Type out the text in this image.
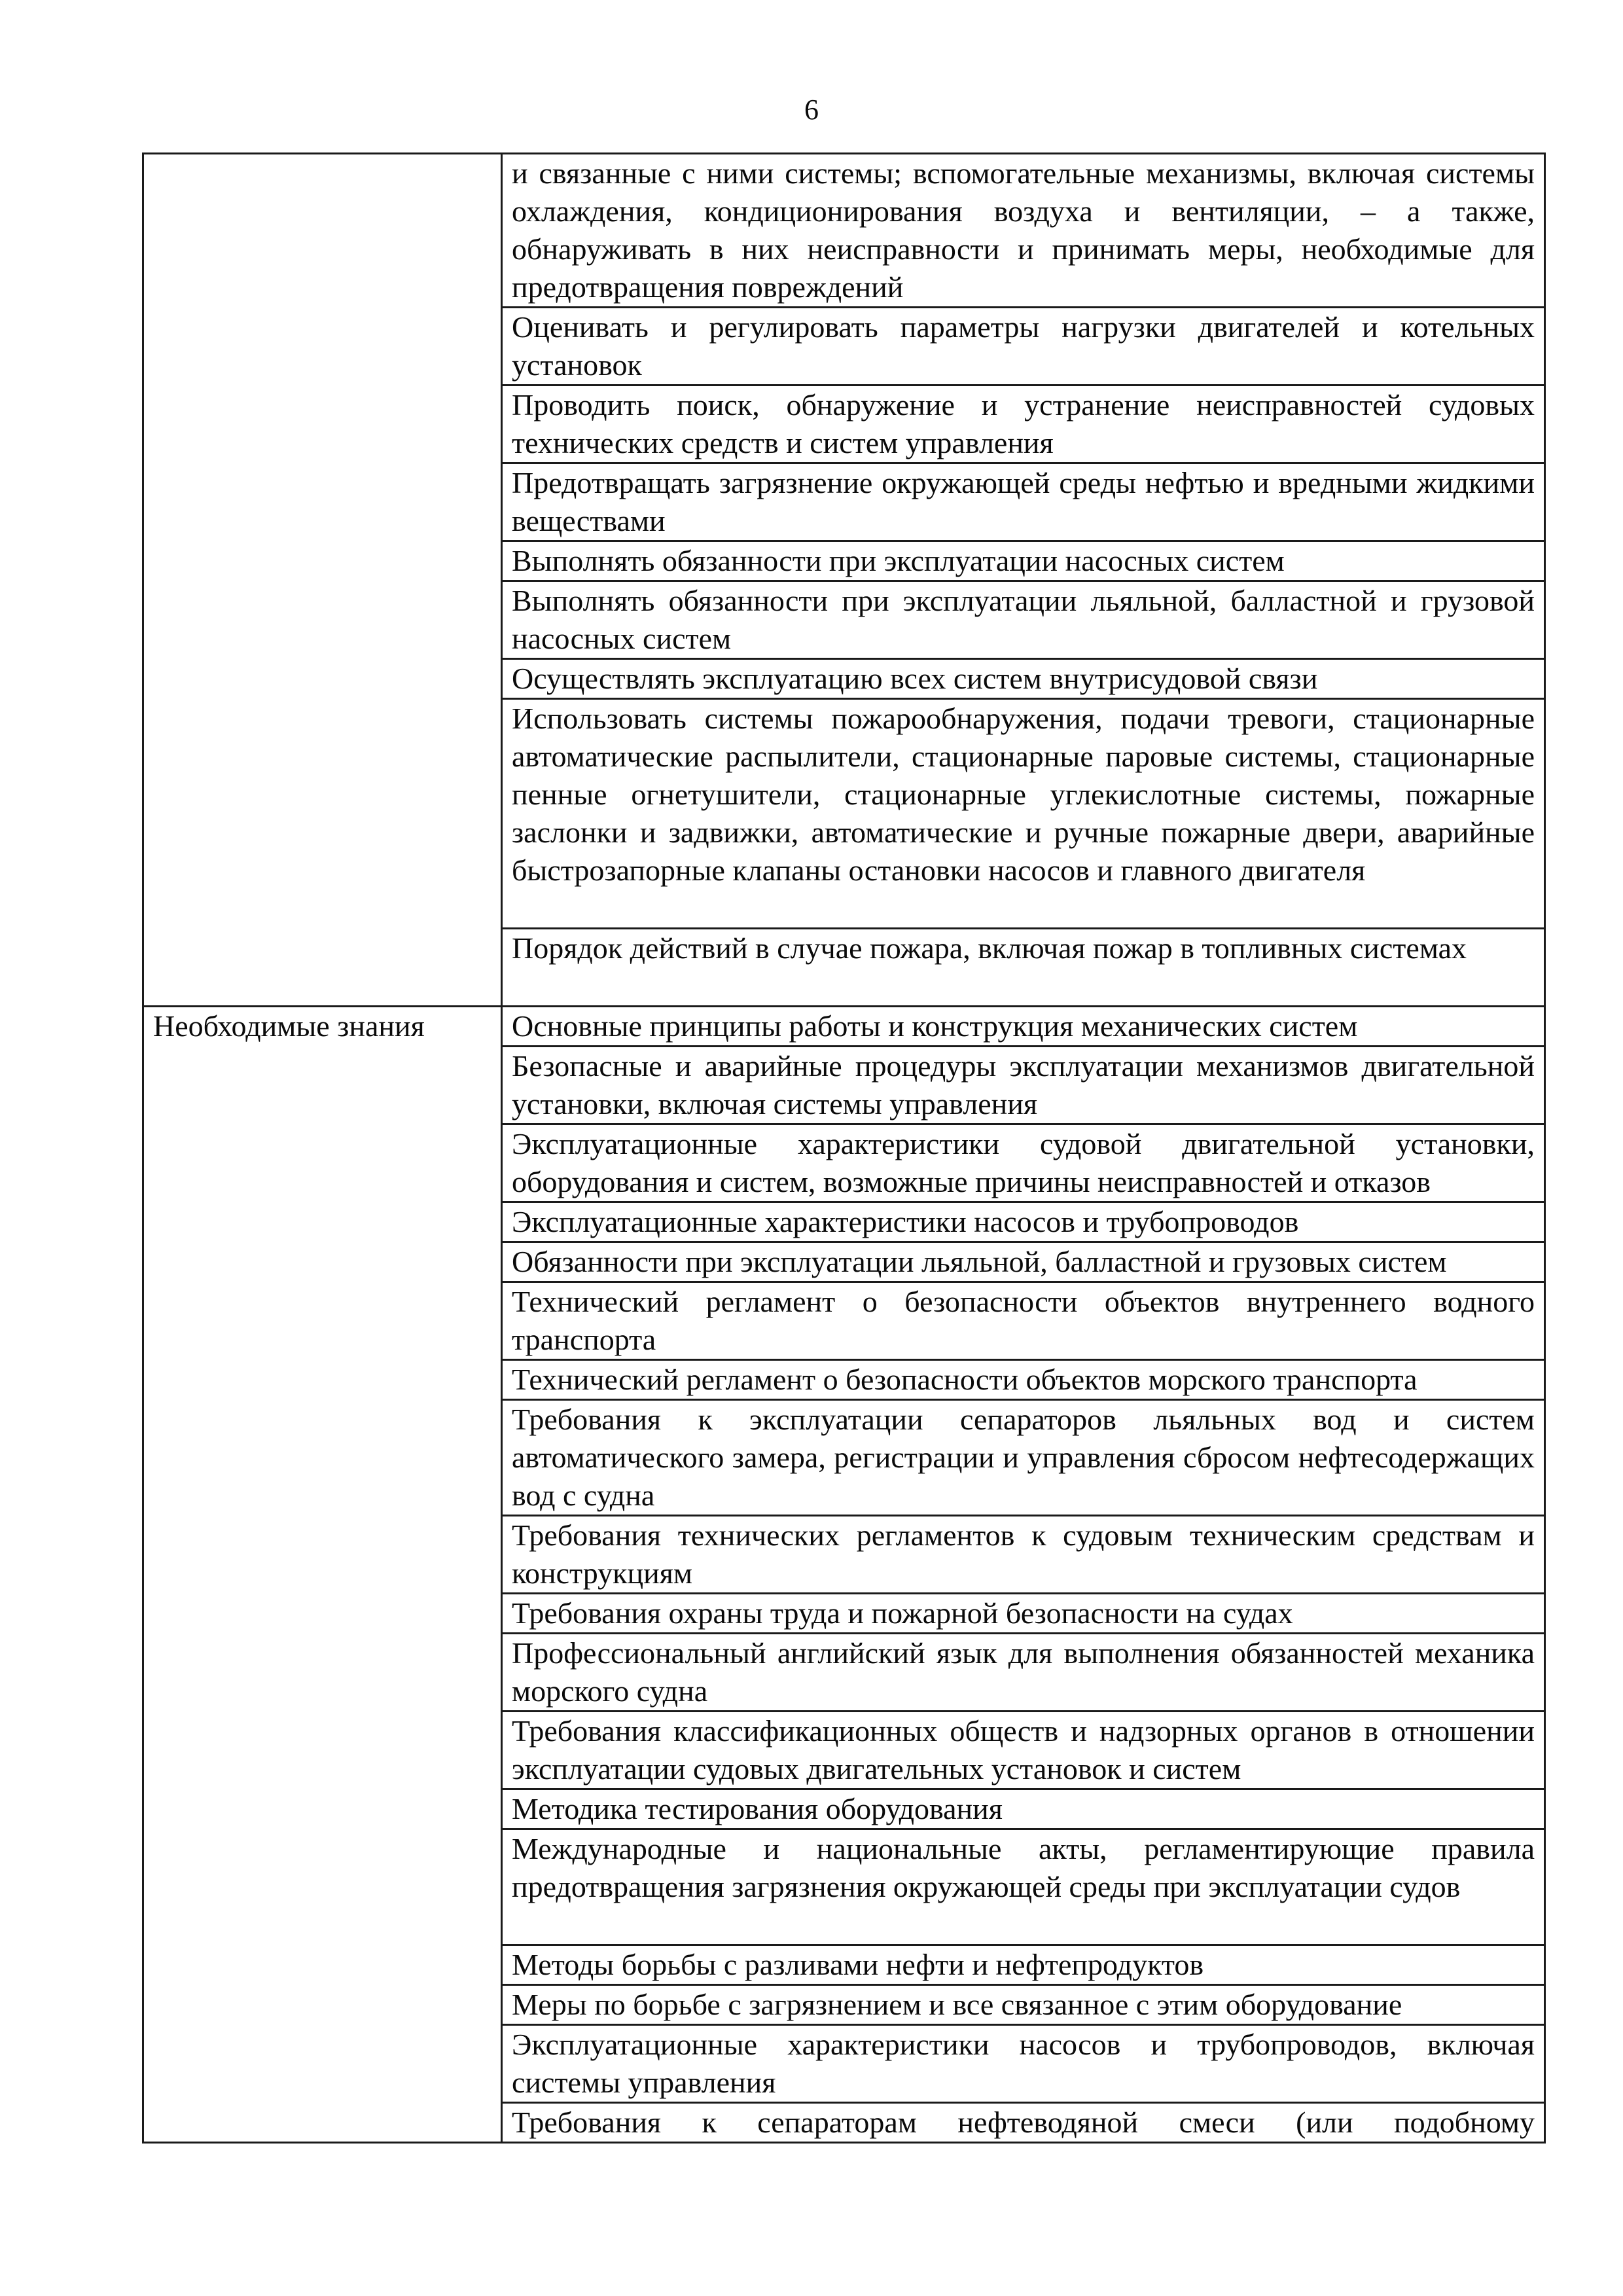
6
	и связанные с ними системы; вспомогательные механизмы, включая системы охлаждения, кондиционирования воздуха и вентиляции, – а также, обнаруживать в них неисправности и принимать меры, необходимые для предотвращения повреждений
	Оценивать и регулировать параметры нагрузки двигателей и котельных установок
	Проводить поиск, обнаружение и устранение неисправностей судовых технических средств и систем управления
	Предотвращать загрязнение окружающей среды нефтью и вредными жидкими веществами
	Выполнять обязанности при эксплуатации насосных систем
	Выполнять обязанности при эксплуатации льяльной, балластной и грузовой насосных систем
	Осуществлять эксплуатацию всех систем внутрисудовой связи
	Использовать системы пожарообнаружения, подачи тревоги, стационарные автоматические распылители, стационарные паровые системы, стационарные пенные огнетушители, стационарные углекислотные системы, пожарные заслонки и задвижки, автоматические и ручные пожарные двери, аварийные быстрозапорные клапаны остановки насосов и главного двигателя
	Порядок действий в случае пожара, включая пожар в топливных системах
Необходимые знания	Основные принципы работы и конструкция механических систем
	Безопасные и аварийные процедуры эксплуатации механизмов двигательной установки, включая системы управления
	Эксплуатационные характеристики судовой двигательной установки, оборудования и систем, возможные причины неисправностей и отказов
	Эксплуатационные характеристики насосов и трубопроводов
	Обязанности при эксплуатации льяльной, балластной и грузовых систем
	Технический регламент о безопасности объектов внутреннего водного транспорта
	Технический регламент о безопасности объектов морского транспорта
	Требования к эксплуатации сепараторов льяльных вод и систем автоматического замера, регистрации и управления сбросом нефтесодержащих вод с судна
	Требования технических регламентов к судовым техническим средствам и конструкциям
	Требования охраны труда и пожарной безопасности на судах
	Профессиональный английский язык для выполнения обязанностей механика морского судна
	Требования классификационных обществ и надзорных органов в отношении эксплуатации судовых двигательных установок и систем
	Методика тестирования оборудования
	Международные и национальные акты, регламентирующие правила предотвращения загрязнения окружающей среды при эксплуатации судов
	Методы борьбы с разливами нефти и нефтепродуктов
	Меры по борьбе с загрязнением и все связанное с этим оборудование
	Эксплуатационные характеристики насосов и трубопроводов, включая системы управления
	Требования к сепараторам нефтеводяной смеси (или подобному
